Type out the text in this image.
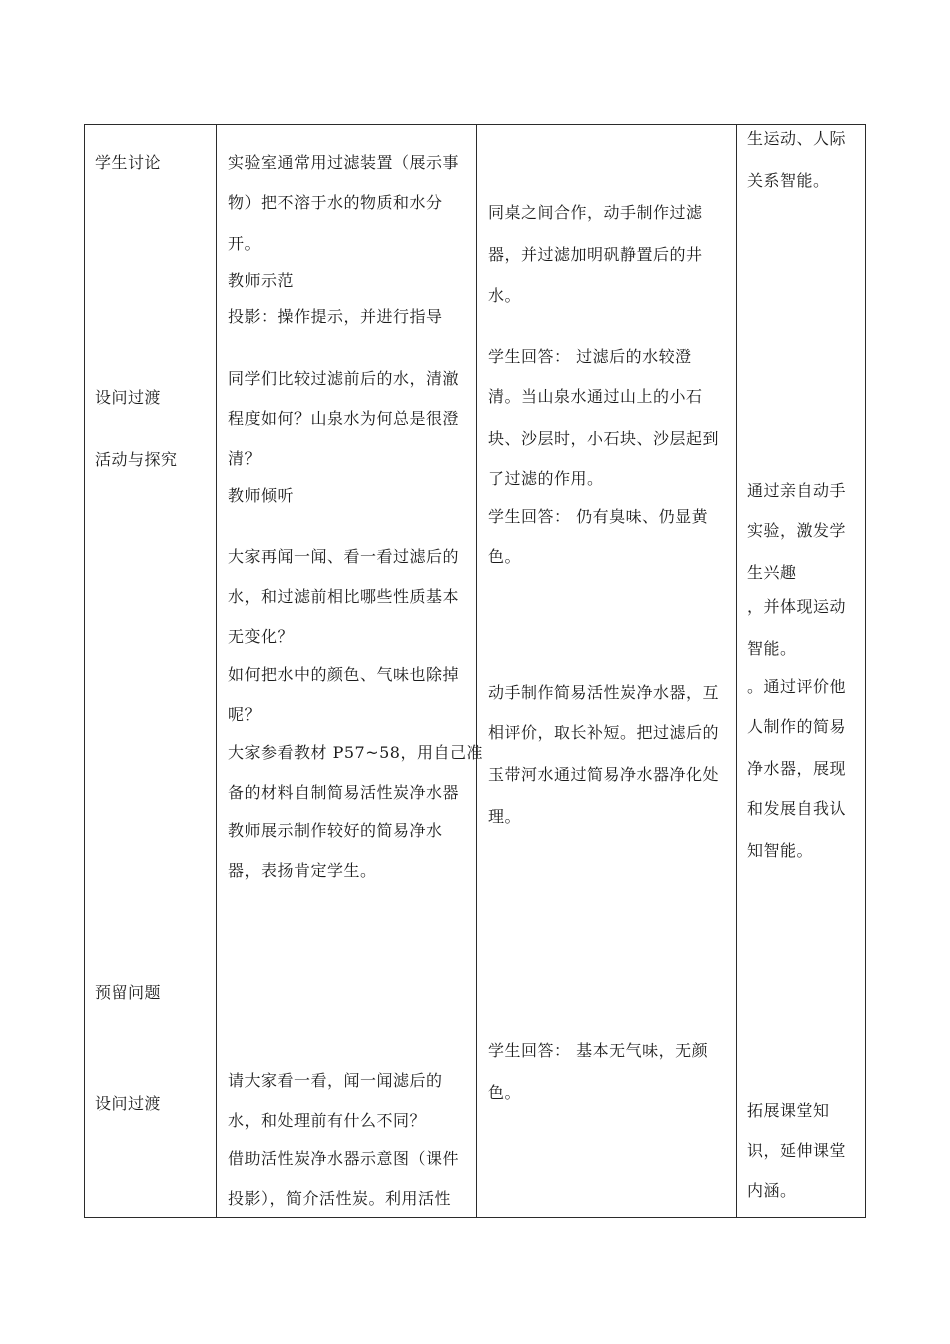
学生讨论
设问过渡
活动与探究
预留问题
设问过渡
实验室通常用过滤装置（展示事
物）把不溶于水的物质和水分
开。
教师示范
投影：操作提示，并进行指导
同学们比较过滤前后的水，清澈
程度如何？山泉水为何总是很澄
清？
教师倾听
大家再闻一闻、看一看过滤后的
水，和过滤前相比哪些性质基本
无变化？
如何把水中的颜色、气味也除掉
呢？
大家参看教材 P57~58，用自己准
备的材料自制简易活性炭净水器
教师展示制作较好的简易净水
器，表扬肯定学生。
请大家看一看，闻一闻滤后的
水，和处理前有什么不同？
借助活性炭净水器示意图（课件
投影），简介活性炭。利用活性
同桌之间合作，动手制作过滤
器，并过滤加明矾静置后的井
水。
学生回答： 过滤后的水较澄
清。当山泉水通过山上的小石
块、沙层时，小石块、沙层起到
了过滤的作用。
学生回答： 仍有臭味、仍显黄
色。
动手制作简易活性炭净水器，互
相评价，取长补短。把过滤后的
玉带河水通过简易净水器净化处
理。
学生回答： 基本无气味，无颜
色。
生运动、人际
关系智能。
通过亲自动手
实验，激发学
生兴趣
，并体现运动
智能。
。通过评价他
人制作的简易
净水器，展现
和发展自我认
知智能。
拓展课堂知
识，延伸课堂
内涵。
